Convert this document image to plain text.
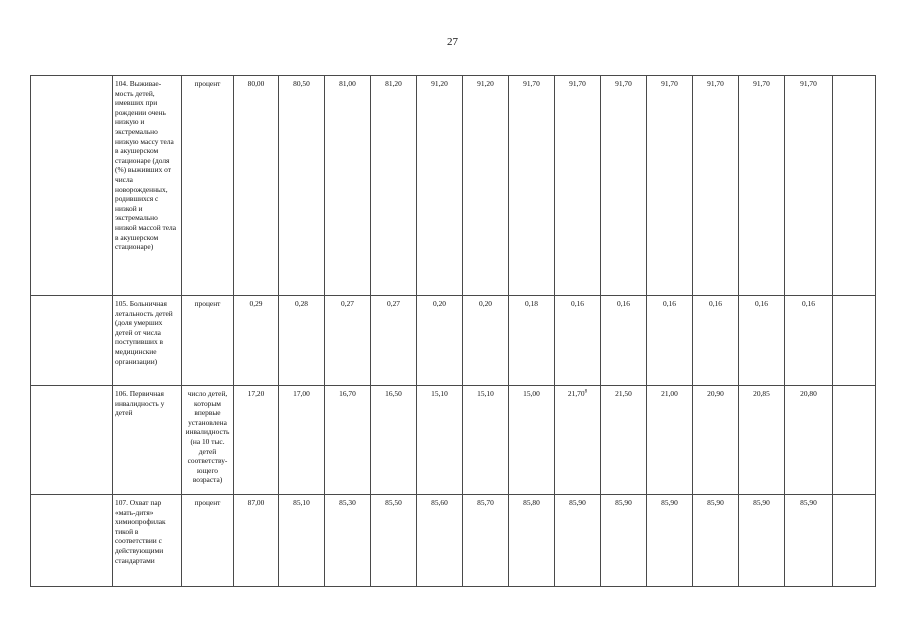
27
	104. Выживае-мость детей, имевших при рождении очень низкую и экстремально низкую массу тела в акушерском стационаре (доля (%) выживших от числа новорожденных, родившихся с низкой и экстремально низкой массой тела в акушерском стационаре)	процент	80,00	80,50	81,00	81,20	91,20	91,20	91,70	91,70	91,70	91,70	91,70	91,70	91,70	
	105. Больничная летальность детей (доля умерших детей от числа поступивших в медицинские организации)	процент	0,29	0,28	0,27	0,27	0,20	0,20	0,18	0,16	0,16	0,16	0,16	0,16	0,16	
	106. Первичная инвалидность у детей	число детей, которым впервые установлена инвалидность (на 10 тыс. детей соответству-ющего возраста)	17,20	17,00	16,70	16,50	15,10	15,10	15,00	21,70$^8$	21,50	21,00	20,90	20,85	20,80	
	107. Охват пар «мать-дитя» химиопрофилак тикой в соответствии с действующими стандартами	процент	87,00	85,10	85,30	85,50	85,60	85,70	85,80	85,90	85,90	85,90	85,90	85,90	85,90	
